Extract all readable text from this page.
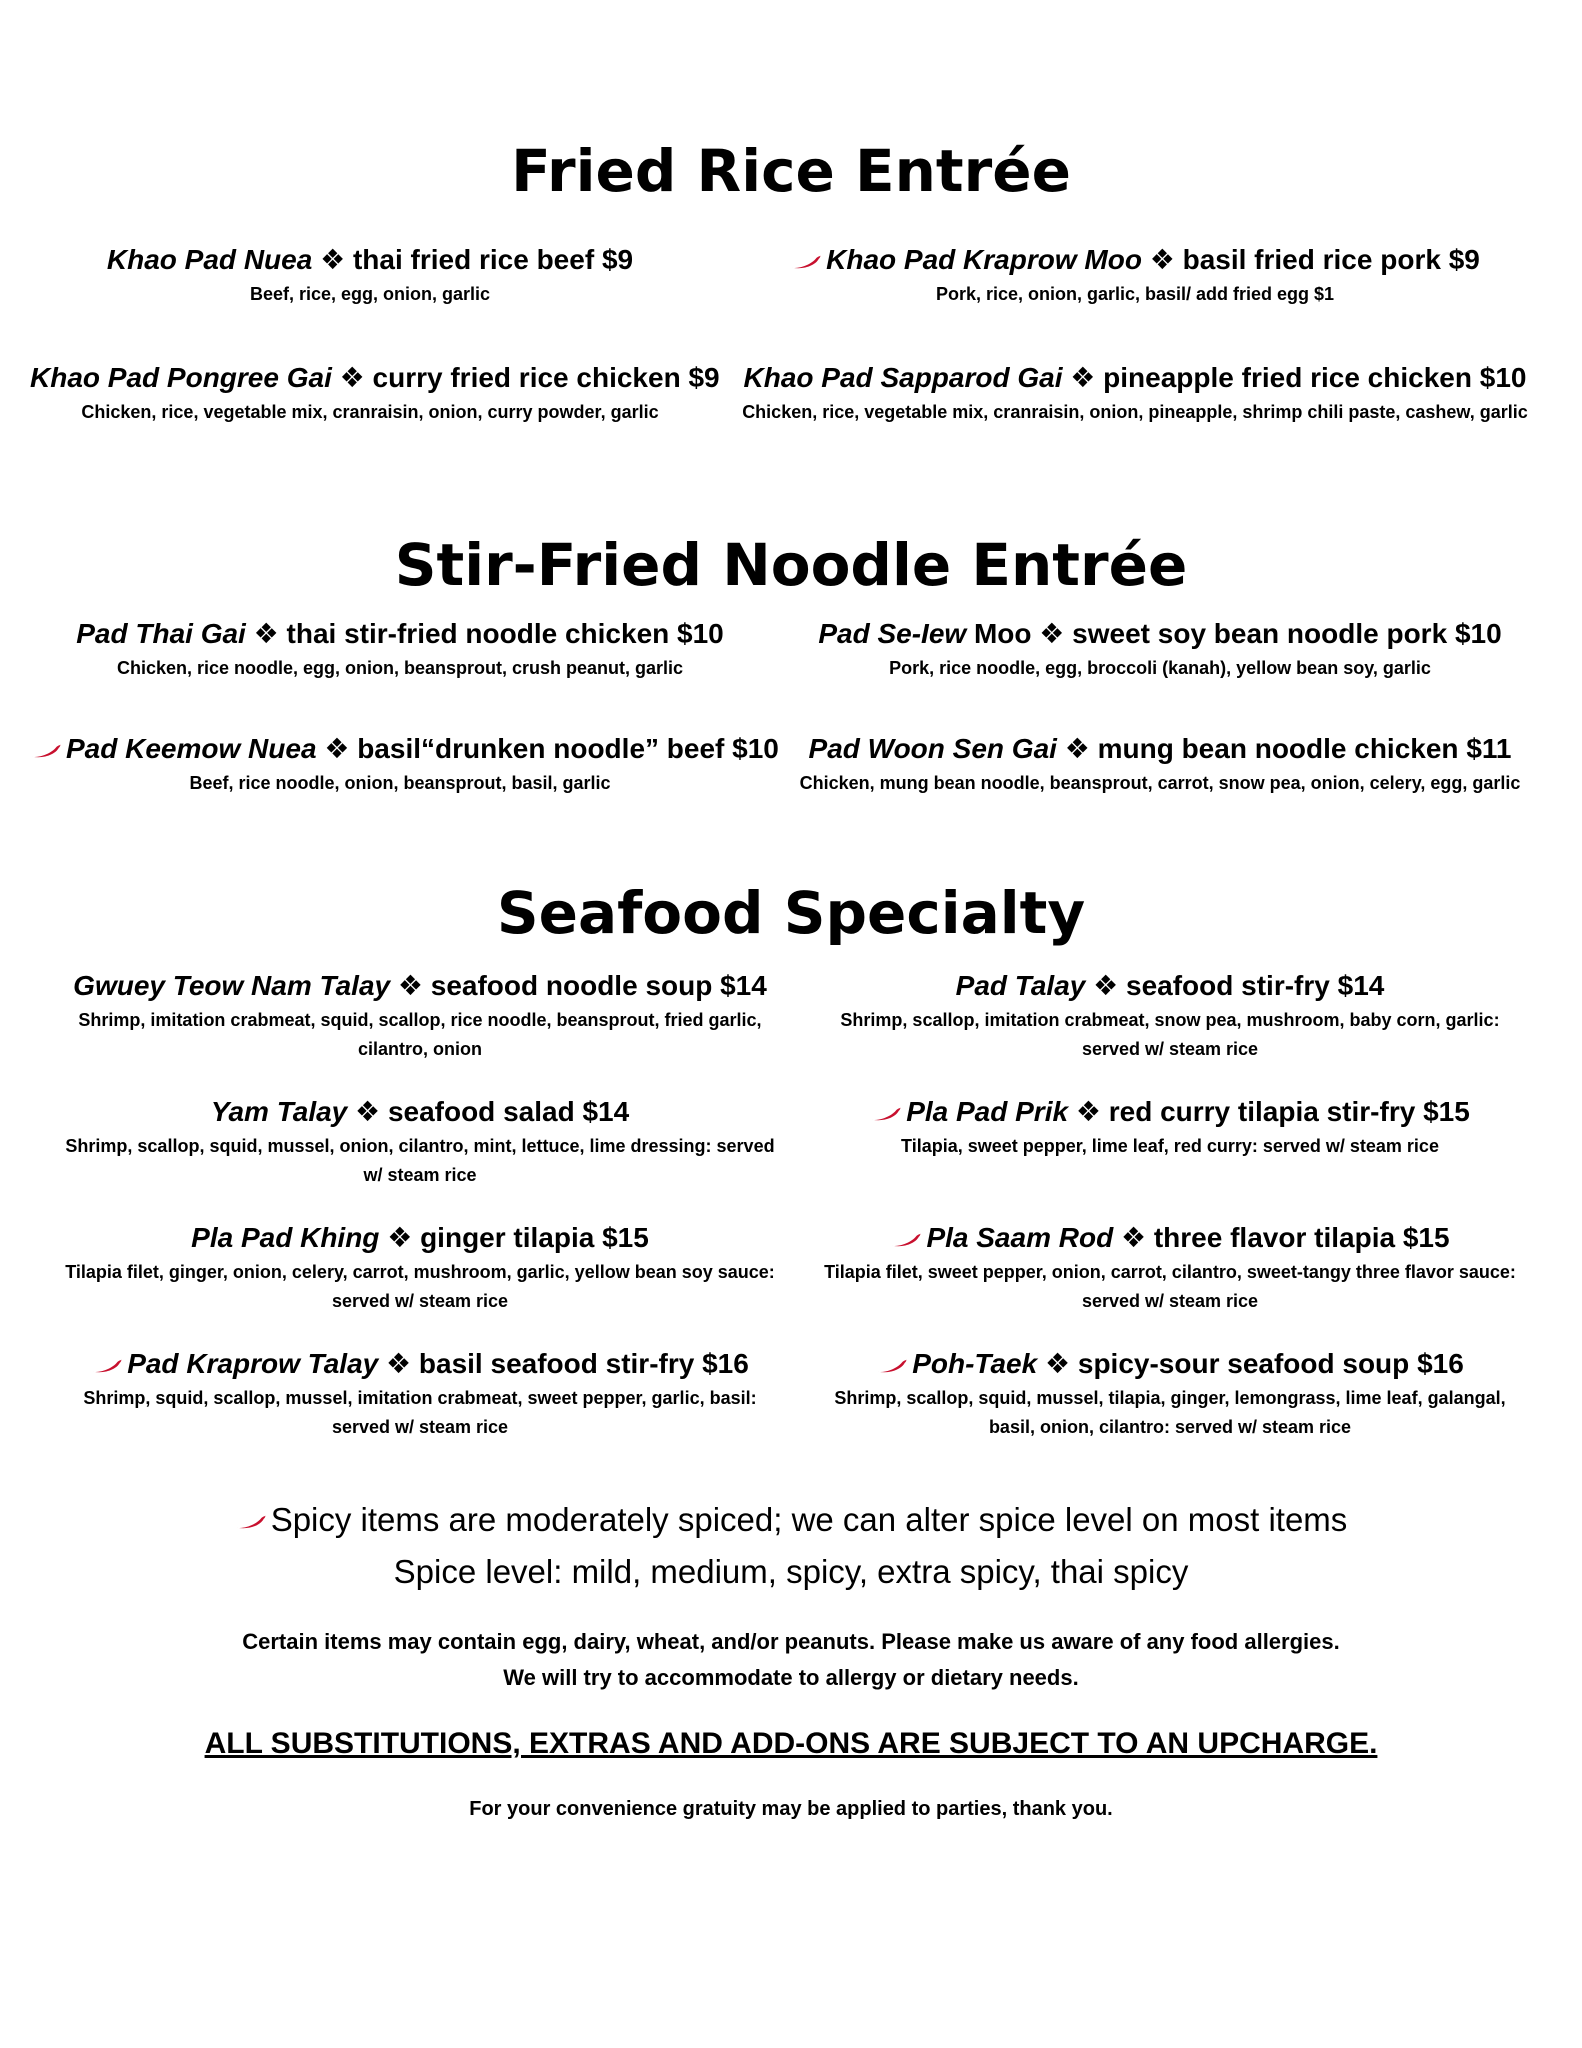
Fried Rice Entrée
Khao Pad Nuea ❖ thai fried rice beef $9
Beef, rice, egg, onion, garlic
Khao Pad Kraprow Moo ❖ basil fried rice pork $9
Pork, rice, onion, garlic, basil/ add fried egg $1
Khao Pad Pongree Gai ❖ curry fried rice chicken $9
Chicken, rice, vegetable mix, cranraisin, onion, curry powder, garlic
Khao Pad Sapparod Gai ❖ pineapple fried rice chicken $10
Chicken, rice, vegetable mix, cranraisin, onion, pineapple, shrimp chili paste, cashew, garlic
Stir-Fried Noodle Entrée
Pad Thai Gai ❖ thai stir-fried noodle chicken $10
Chicken, rice noodle, egg, onion, beansprout, crush peanut, garlic
Pad Se-Iew Moo ❖ sweet soy bean noodle pork $10
Pork, rice noodle, egg, broccoli (kanah), yellow bean soy, garlic
Pad Keemow Nuea ❖ basil“drunken noodle” beef $10
Beef, rice noodle, onion, beansprout, basil, garlic
Pad Woon Sen Gai ❖ mung bean noodle chicken $11
Chicken, mung bean noodle, beansprout, carrot, snow pea, onion, celery, egg, garlic
Seafood Specialty
Gwuey Teow Nam Talay ❖ seafood noodle soup $14
Shrimp, imitation crabmeat, squid, scallop, rice noodle, beansprout, fried garlic, cilantro, onion
Pad Talay ❖ seafood stir-fry $14
Shrimp, scallop, imitation crabmeat, snow pea, mushroom, baby corn, garlic: served w/ steam rice
Yam Talay ❖ seafood salad $14
Shrimp, scallop, squid, mussel, onion, cilantro, mint, lettuce, lime dressing: served w/ steam rice
Pla Pad Prik ❖ red curry tilapia stir-fry $15
Tilapia, sweet pepper, lime leaf, red curry: served w/ steam rice
Pla Pad Khing ❖ ginger tilapia $15
Tilapia filet, ginger, onion, celery, carrot, mushroom, garlic, yellow bean soy sauce: served w/ steam rice
Pla Saam Rod ❖ three flavor tilapia $15
Tilapia filet, sweet pepper, onion, carrot, cilantro, sweet-tangy three flavor sauce: served w/ steam rice
Pad Kraprow Talay ❖ basil seafood stir-fry $16
Shrimp, squid, scallop, mussel, imitation crabmeat, sweet pepper, garlic, basil: served w/ steam rice
Poh-Taek ❖ spicy-sour seafood soup $16
Shrimp, scallop, squid, mussel, tilapia, ginger, lemongrass, lime leaf, galangal, basil, onion, cilantro: served w/ steam rice
Spicy items are moderately spiced; we can alter spice level on most items
Spice level: mild, medium, spicy, extra spicy, thai spicy
Certain items may contain egg, dairy, wheat, and/or peanuts. Please make us aware of any food allergies.
We will try to accommodate to allergy or dietary needs.
ALL SUBSTITUTIONS, EXTRAS AND ADD-ONS ARE SUBJECT TO AN UPCHARGE.
For your convenience gratuity may be applied to parties, thank you.
